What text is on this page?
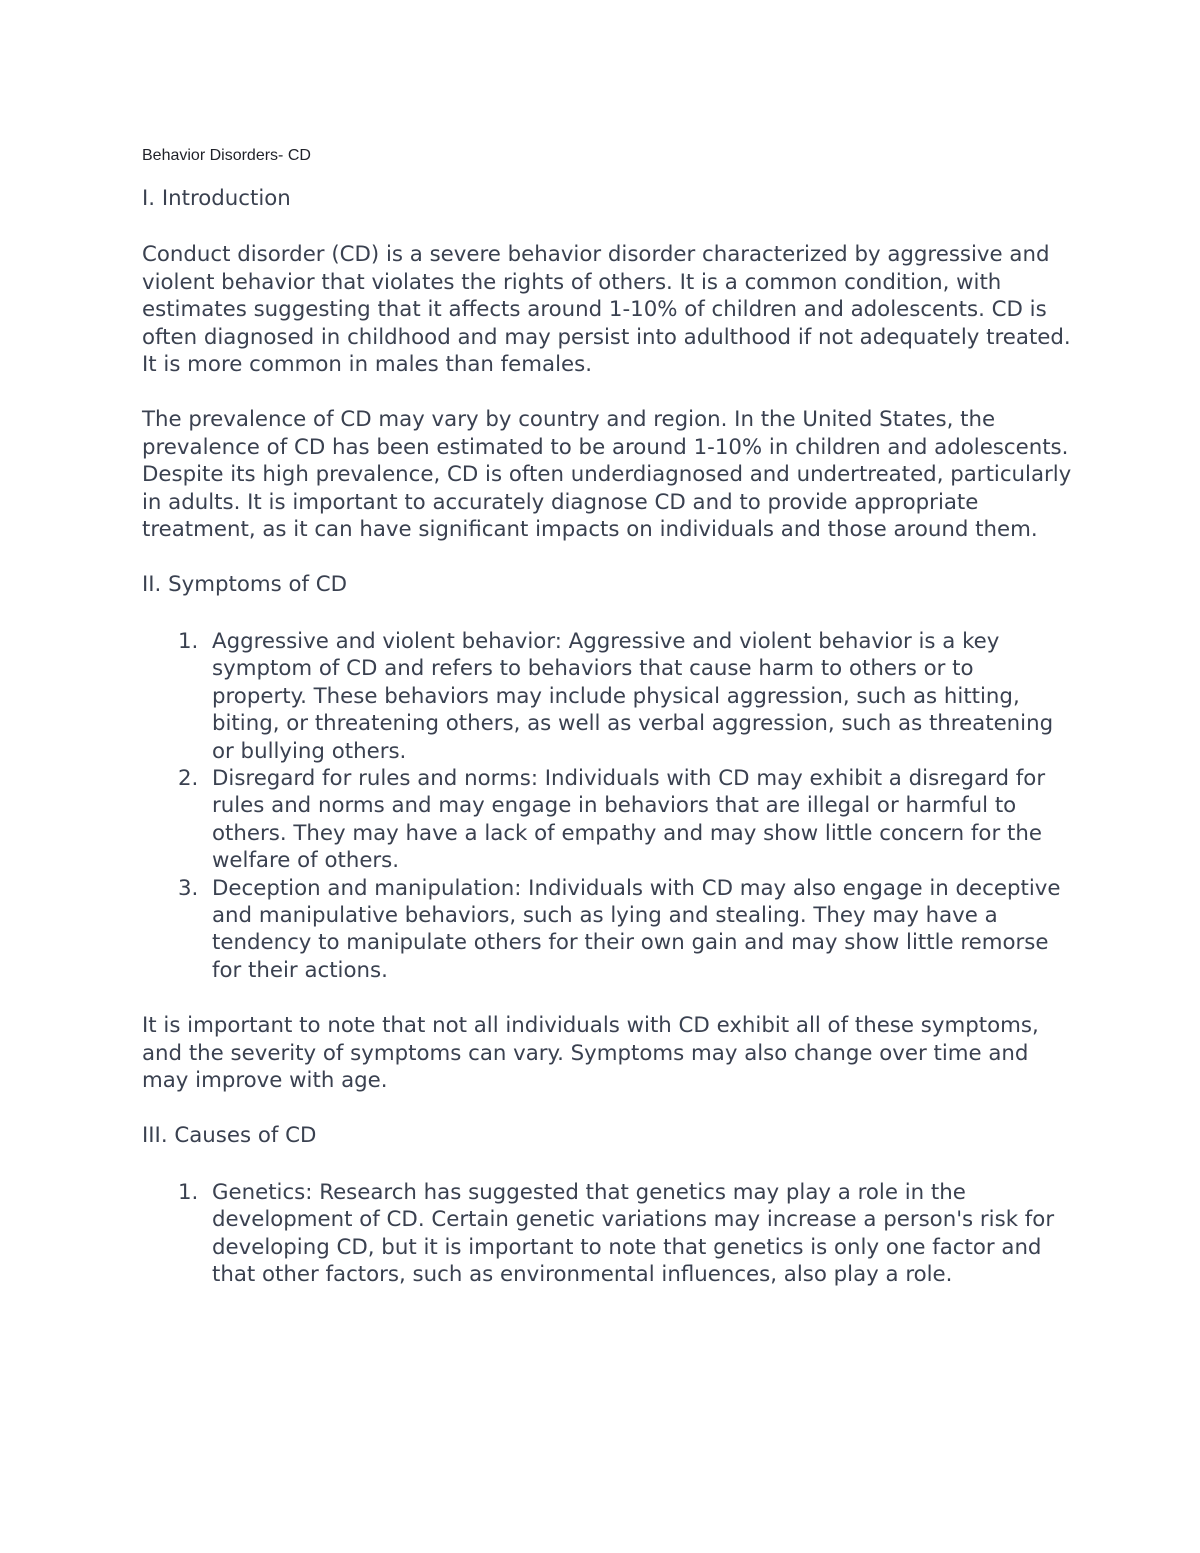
Behavior Disorders- CD
I. Introduction

Conduct disorder (CD) is a severe behavior disorder characterized by aggressive and violent behavior that violates the rights of others. It is a common condition, with estimates suggesting that it affects around 1-10% of children and adolescents. CD is often diagnosed in childhood and may persist into adulthood if not adequately treated. It is more common in males than females.

The prevalence of CD may vary by country and region. In the United States, the prevalence of CD has been estimated to be around 1-10% in children and adolescents. Despite its high prevalence, CD is often underdiagnosed and undertreated, particularly in adults. It is important to accurately diagnose CD and to provide appropriate treatment, as it can have significant impacts on individuals and those around them.

II. Symptoms of CD
1. Aggressive and violent behavior: Aggressive and violent behavior is a key symptom of CD and refers to behaviors that cause harm to others or to property. These behaviors may include physical aggression, such as hitting, biting, or threatening others, as well as verbal aggression, such as threatening or bullying others.
2. Disregard for rules and norms: Individuals with CD may exhibit a disregard for rules and norms and may engage in behaviors that are illegal or harmful to others. They may have a lack of empathy and may show little concern for the welfare of others.
3. Deception and manipulation: Individuals with CD may also engage in deceptive and manipulative behaviors, such as lying and stealing. They may have a tendency to manipulate others for their own gain and may show little remorse for their actions.

It is important to note that not all individuals with CD exhibit all of these symptoms, and the severity of symptoms can vary. Symptoms may also change over time and may improve with age.

III. Causes of CD
1. Genetics: Research has suggested that genetics may play a role in the development of CD. Certain genetic variations may increase a person's risk for developing CD, but it is important to note that genetics is only one factor and that other factors, such as environmental influences, also play a role.
